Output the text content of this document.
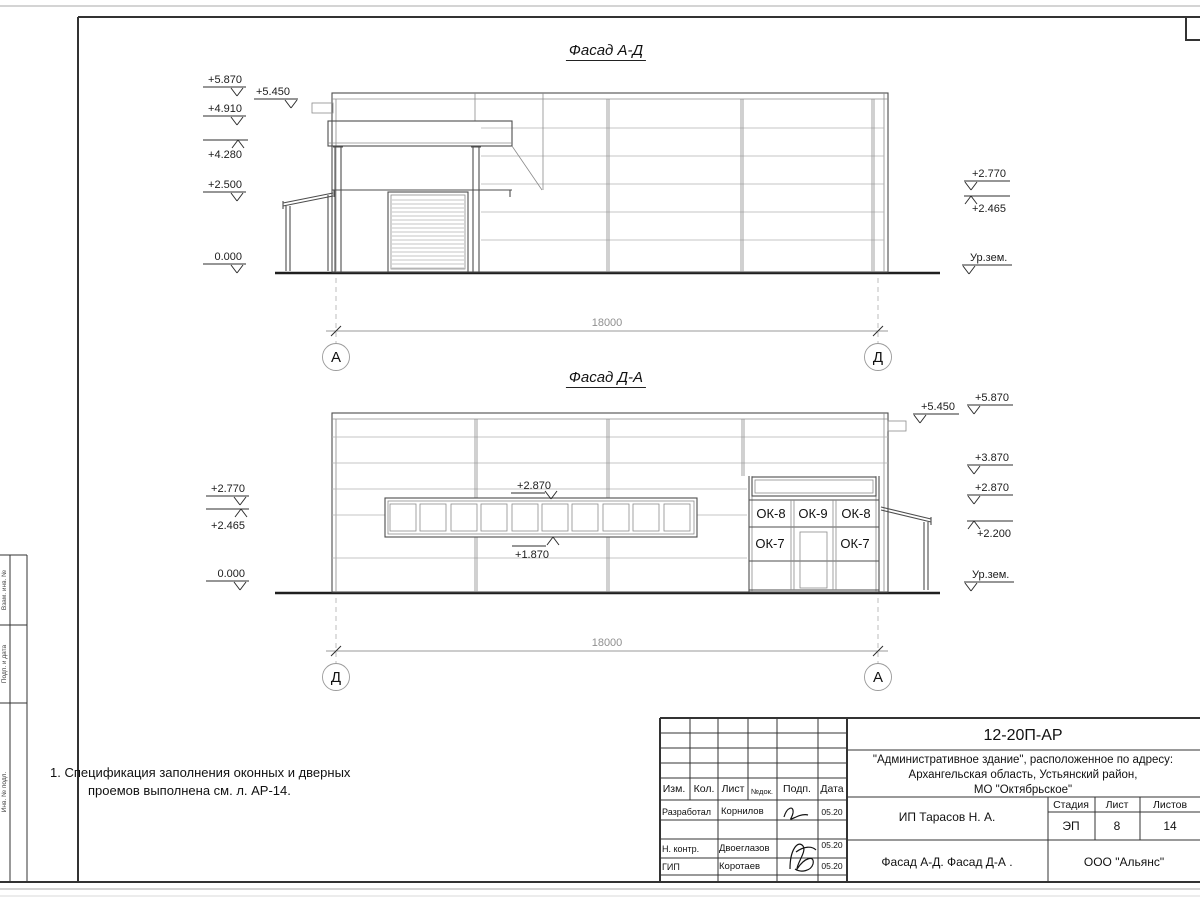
Взам. инв. №
Подп. и дата
Инв. № подл.
+5.870
+5.450
+4.910
+4.280
+2.500
0.000
+2.770
+2.465
Ур.зем.
18000
А	Д
ОК-8 ОК-9 ОК-8
ОК-7	ОК-7
+2.770
+2.465
0.000
+5.870
+5.450
+3.870
+2.870
+2.200
Ур.зем.
+2.870
+1.870
18000
Д	А
Фасад А-Д
Фасад Д-А
1. Спецификация заполнения оконных и дверных
проемов выполнена см. л. АР-14.
12-20П-АР
"Административное здание", расположенное по адресу:
Архангельская область, Устьянский район,
МО "Октябрьское"
Изм. Кол. Лист №док. Подп. Дата
Разработал Корнилов	05.20
Н. контр. Двоеглазов	05.20
ГИП	Коротаев	05.20
ИП Тарасов Н. А.
Стадия Лист Листов
ЭП	8	14
Фасад А-Д. Фасад Д-А .	ООО "Альянс"
